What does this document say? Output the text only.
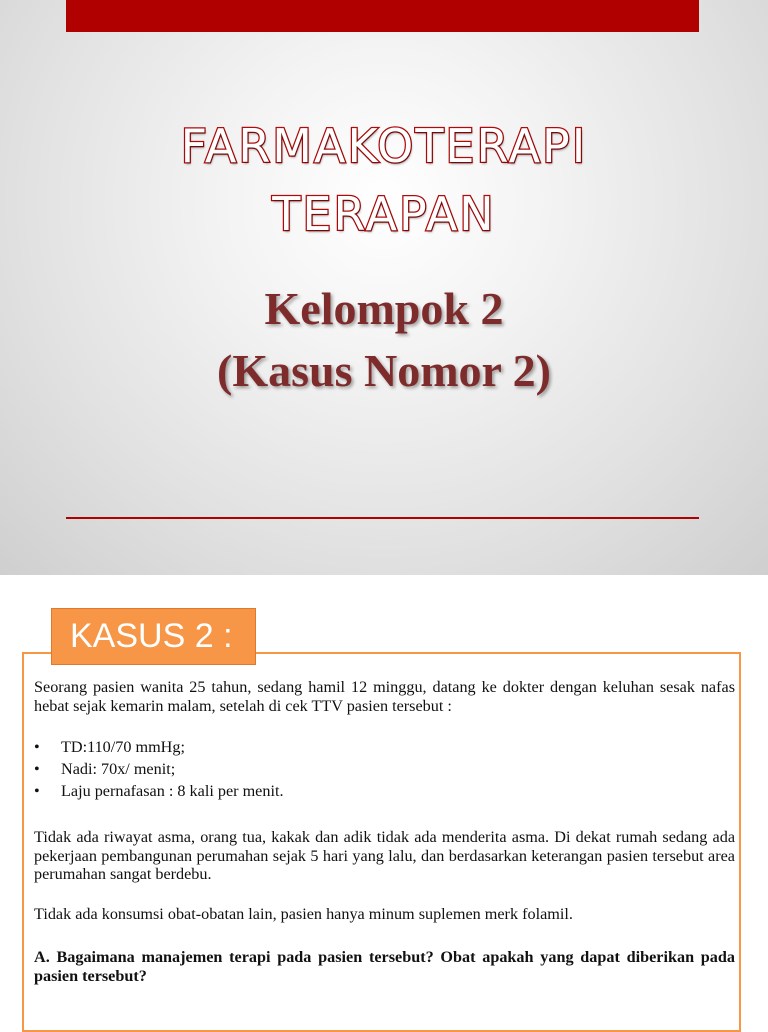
FARMAKOTERAPI
TERAPAN
Kelompok 2
(Kasus Nomor 2)
KASUS 2 :

Seorang pasien wanita 25 tahun, sedang hamil 12 minggu, datang ke dokter dengan keluhan sesak nafas hebat sejak kemarin malam, setelah di cek TTV pasien tersebut :

• TD:110/70 mmHg;
• Nadi: 70x/ menit;
• Laju pernafasan : 8 kali per menit.

Tidak ada riwayat asma, orang tua, kakak dan adik tidak ada menderita asma. Di dekat rumah sedang ada pekerjaan pembangunan perumahan sejak 5 hari yang lalu, dan berdasarkan keterangan pasien tersebut area perumahan sangat berdebu.

Tidak ada konsumsi obat-obatan lain, pasien hanya minum suplemen merk folamil.

A. Bagaimana manajemen terapi pada pasien tersebut? Obat apakah yang dapat diberikan pada pasien tersebut?
